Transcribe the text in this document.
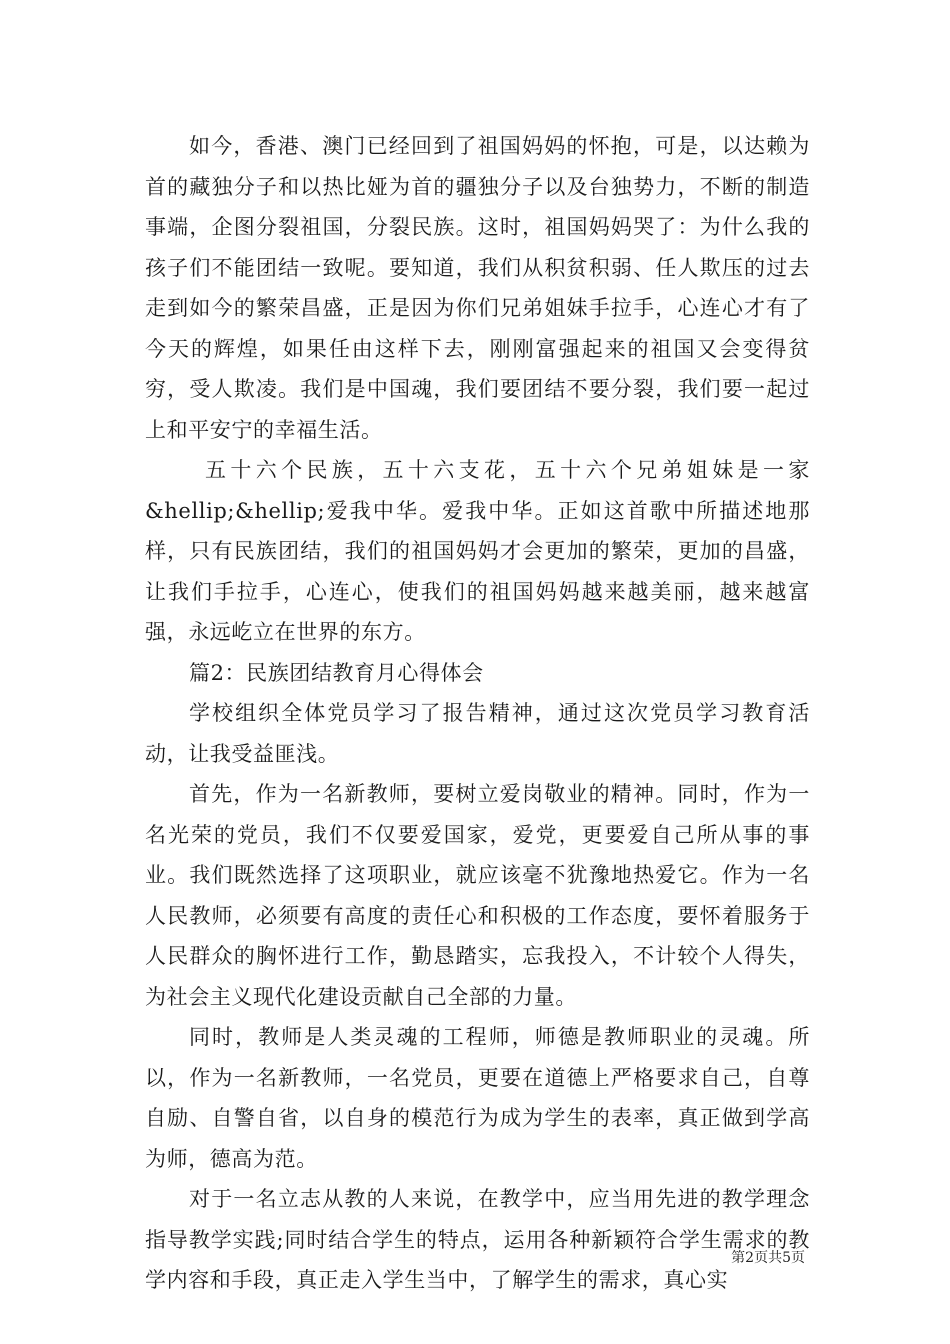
如今，香港、澳门已经回到了祖国妈妈的怀抱，可是，以达赖为首的藏独分子和以热比娅为首的疆独分子以及台独势力，不断的制造事端，企图分裂祖国，分裂民族。这时，祖国妈妈哭了：为什么我的孩子们不能团结一致呢。要知道，我们从积贫积弱、任人欺压的过去走到如今的繁荣昌盛，正是因为你们兄弟姐妹手拉手，心连心才有了今天的辉煌，如果任由这样下去，刚刚富强起来的祖国又会变得贫穷，受人欺凌。我们是中国魂，我们要团结不要分裂，我们要一起过上和平安宁的幸福生活。

五十六个民族，五十六支花，五十六个兄弟姐妹是一家&hellip;&hellip;爱我中华。爱我中华。正如这首歌中所描述地那样，只有民族团结，我们的祖国妈妈才会更加的繁荣，更加的昌盛，让我们手拉手，心连心，使我们的祖国妈妈越来越美丽，越来越富强，永远屹立在世界的东方。

篇2：民族团结教育月心得体会

学校组织全体党员学习了报告精神，通过这次党员学习教育活动，让我受益匪浅。

首先，作为一名新教师，要树立爱岗敬业的精神。同时，作为一名光荣的党员，我们不仅要爱国家，爱党，更要爱自己所从事的事业。我们既然选择了这项职业，就应该毫不犹豫地热爱它。作为一名人民教师，必须要有高度的责任心和积极的工作态度，要怀着服务于人民群众的胸怀进行工作，勤恳踏实，忘我投入，不计较个人得失，为社会主义现代化建设贡献自己全部的力量。

同时，教师是人类灵魂的工程师，师德是教师职业的灵魂。所以，作为一名新教师，一名党员，更要在道德上严格要求自己，自尊自励、自警自省，以自身的模范行为成为学生的表率，真正做到学高为师，德高为范。

对于一名立志从教的人来说，在教学中，应当用先进的教学理念指导教学实践;同时结合学生的特点，运用各种新颖符合学生需求的教学内容和手段，真正走入学生当中，了解学生的需求，真心实

第2页共5页
